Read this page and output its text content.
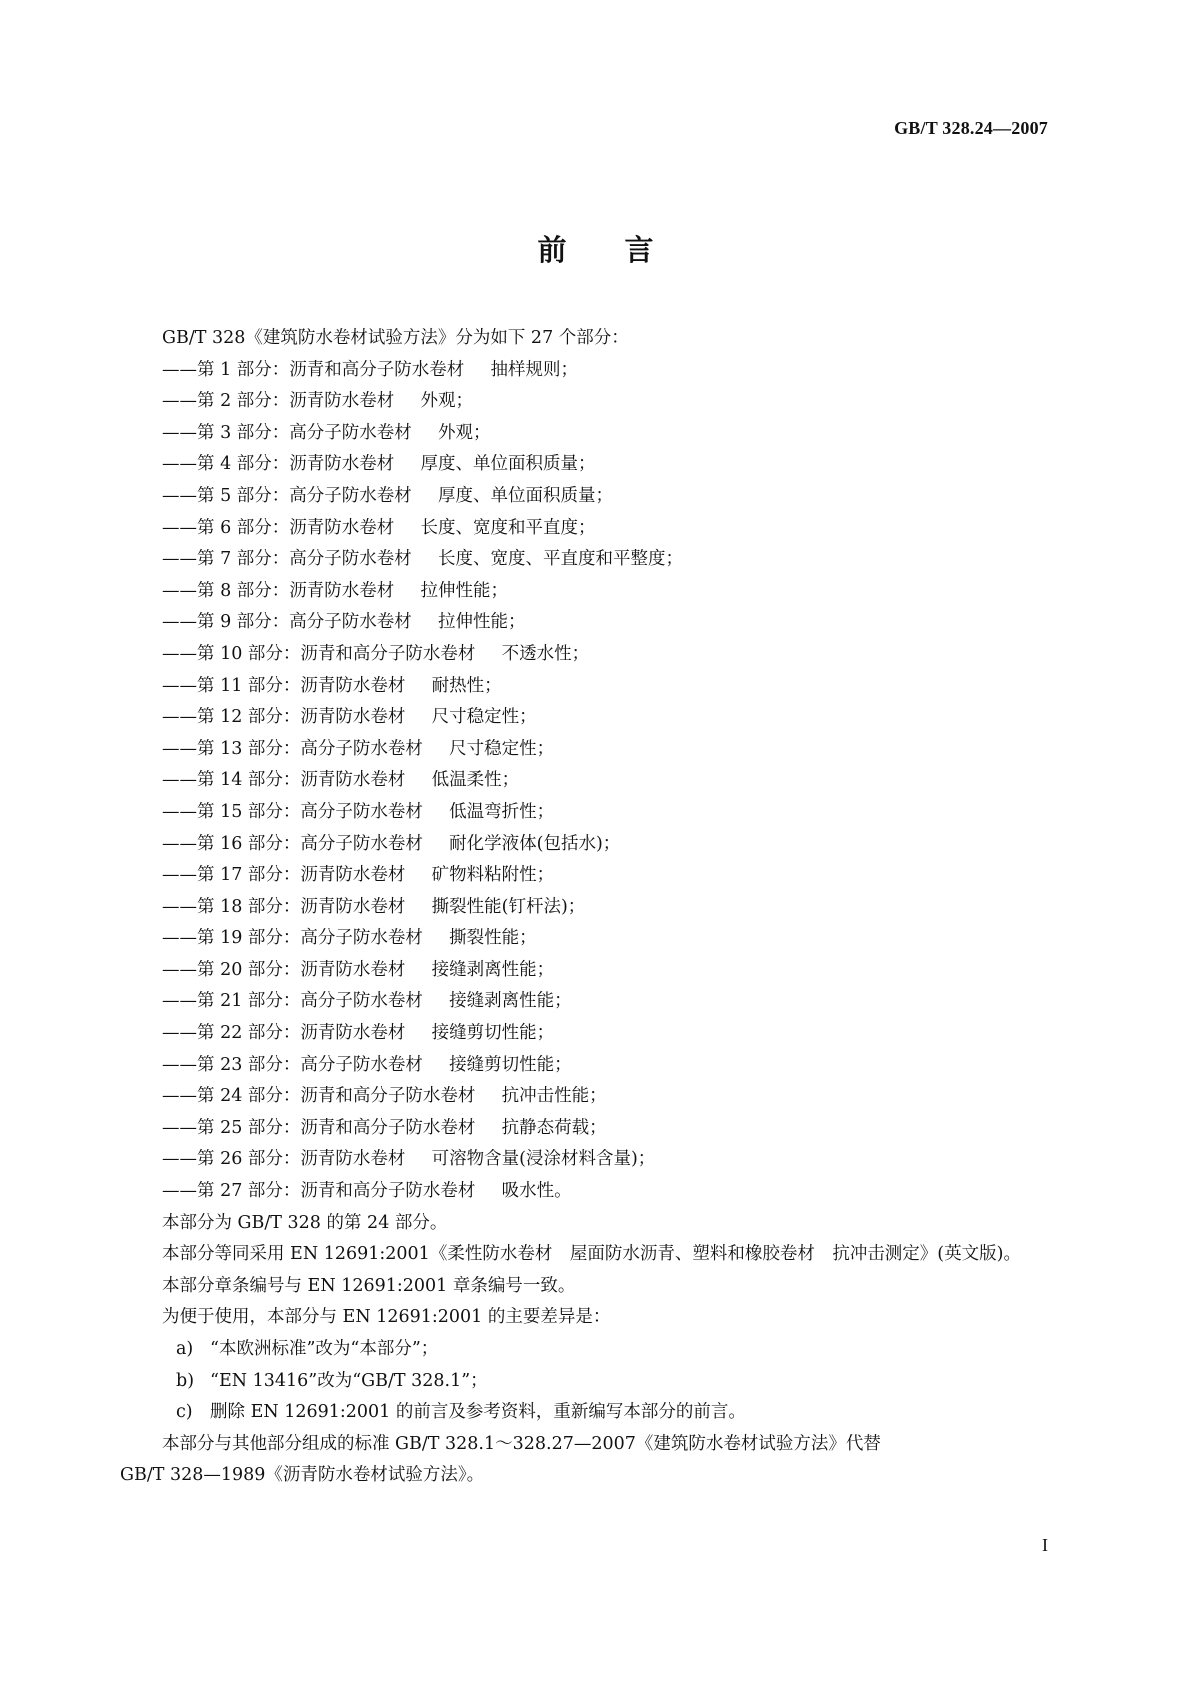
GB/T 328.24—2007
前言
GB/T 328《建筑防水卷材试验方法》分为如下 27 个部分：
——第 1 部分：沥青和高分子防水卷材 抽样规则；
——第 2 部分：沥青防水卷材 外观；
——第 3 部分：高分子防水卷材 外观；
——第 4 部分：沥青防水卷材 厚度、单位面积质量；
——第 5 部分：高分子防水卷材 厚度、单位面积质量；
——第 6 部分：沥青防水卷材 长度、宽度和平直度；
——第 7 部分：高分子防水卷材 长度、宽度、平直度和平整度；
——第 8 部分：沥青防水卷材 拉伸性能；
——第 9 部分：高分子防水卷材 拉伸性能；
——第 10 部分：沥青和高分子防水卷材 不透水性；
——第 11 部分：沥青防水卷材 耐热性；
——第 12 部分：沥青防水卷材 尺寸稳定性；
——第 13 部分：高分子防水卷材 尺寸稳定性；
——第 14 部分：沥青防水卷材 低温柔性；
——第 15 部分：高分子防水卷材 低温弯折性；
——第 16 部分：高分子防水卷材 耐化学液体(包括水)；
——第 17 部分：沥青防水卷材 矿物料粘附性；
——第 18 部分：沥青防水卷材 撕裂性能(钉杆法)；
——第 19 部分：高分子防水卷材 撕裂性能；
——第 20 部分：沥青防水卷材 接缝剥离性能；
——第 21 部分：高分子防水卷材 接缝剥离性能；
——第 22 部分：沥青防水卷材 接缝剪切性能；
——第 23 部分：高分子防水卷材 接缝剪切性能；
——第 24 部分：沥青和高分子防水卷材 抗冲击性能；
——第 25 部分：沥青和高分子防水卷材 抗静态荷载；
——第 26 部分：沥青防水卷材 可溶物含量(浸涂材料含量)；
——第 27 部分：沥青和高分子防水卷材 吸水性。
本部分为 GB/T 328 的第 24 部分。
本部分等同采用 EN 12691:2001《柔性防水卷材　屋面防水沥青、塑料和橡胶卷材　抗冲击测定》(英文版)。
本部分章条编号与 EN 12691:2001 章条编号一致。
为便于使用，本部分与 EN 12691:2001 的主要差异是：
a) “本欧洲标准”改为“本部分”；
b) “EN 13416”改为“GB/T 328.1”；
c) 删除 EN 12691:2001 的前言及参考资料，重新编写本部分的前言。
本部分与其他部分组成的标准 GB/T 328.1～328.27—2007《建筑防水卷材试验方法》代替
GB/T 328—1989《沥青防水卷材试验方法》。
I
